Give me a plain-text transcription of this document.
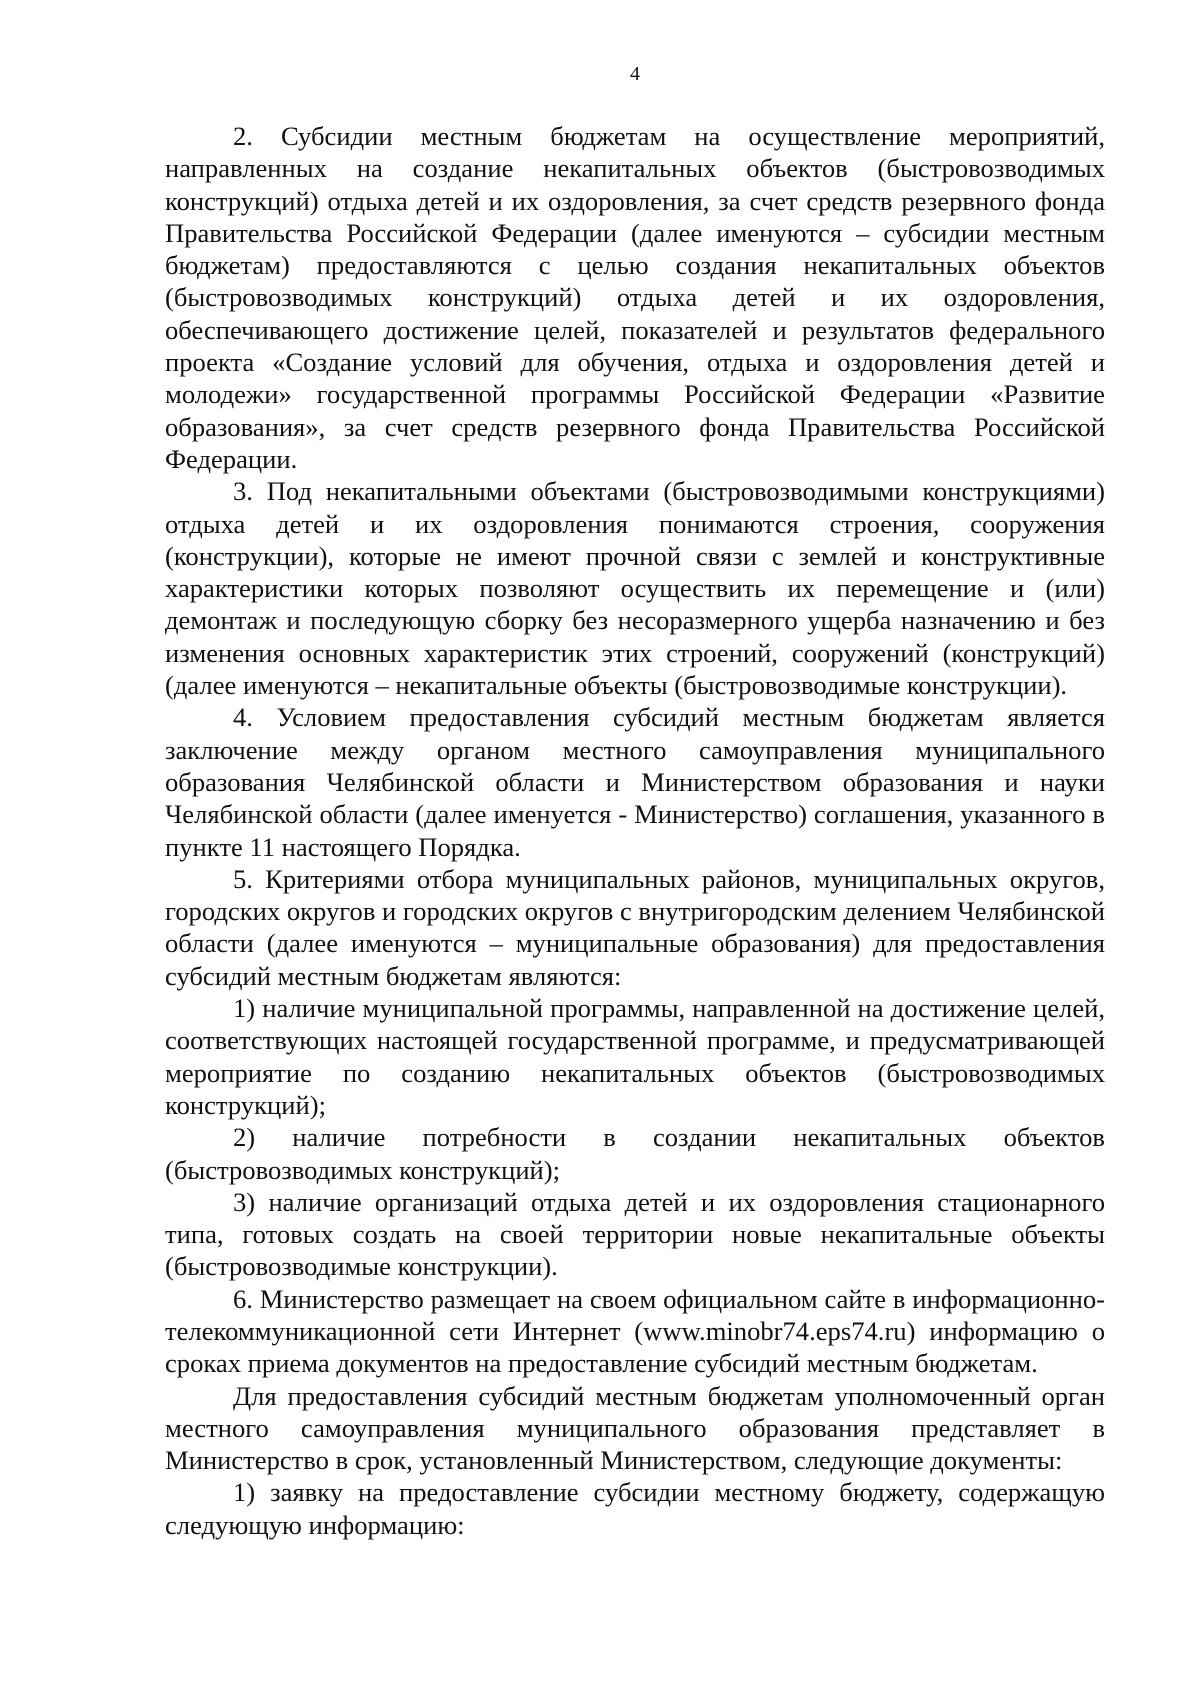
4

2. Субсидии местным бюджетам на осуществление мероприятий, направленных на создание некапитальных объектов (быстровозводимых конструкций) отдыха детей и их оздоровления, за счет средств резервного фонда Правительства Российской Федерации (далее именуются – субсидии местным бюджетам) предоставляются с целью создания некапитальных объектов (быстровозводимых конструкций) отдыха детей и их оздоровления, обеспечивающего достижение целей, показателей и результатов федерального проекта «Создание условий для обучения, отдыха и оздоровления детей и молодежи» государственной программы Российской Федерации «Развитие образования», за счет средств резервного фонда Правительства Российской Федерации.

3. Под некапитальными объектами (быстровозводимыми конструкциями) отдыха детей и их оздоровления понимаются строения, сооружения (конструкции), которые не имеют прочной связи с землей и конструктивные характеристики которых позволяют осуществить их перемещение и (или) демонтаж и последующую сборку без несоразмерного ущерба назначению и без изменения основных характеристик этих строений, сооружений (конструкций) (далее именуются – некапитальные объекты (быстровозводимые конструкции).

4. Условием предоставления субсидий местным бюджетам является заключение между органом местного самоуправления муниципального образования Челябинской области и Министерством образования и науки Челябинской области (далее именуется - Министерство) соглашения, указанного в пункте 11 настоящего Порядка.

5. Критериями отбора муниципальных районов, муниципальных округов, городских округов и городских округов с внутригородским делением Челябинской области (далее именуются – муниципальные образования) для предоставления субсидий местным бюджетам являются:

1) наличие муниципальной программы, направленной на достижение целей, соответствующих настоящей государственной программе, и предусматривающей мероприятие по созданию некапитальных объектов (быстровозводимых конструкций);

2) наличие потребности в создании некапитальных объектов (быстровозводимых конструкций);

3) наличие организаций отдыха детей и их оздоровления стационарного типа, готовых создать на своей территории новые некапитальные объекты (быстровозводимые конструкции).

6. Министерство размещает на своем официальном сайте в информационно-телекоммуникационной сети Интернет (www.minobr74.eps74.ru) информацию о сроках приема документов на предоставление субсидий местным бюджетам.

Для предоставления субсидий местным бюджетам уполномоченный орган местного самоуправления муниципального образования представляет в Министерство в срок, установленный Министерством, следующие документы:

1) заявку на предоставление субсидии местному бюджету, содержащую следующую информацию:
